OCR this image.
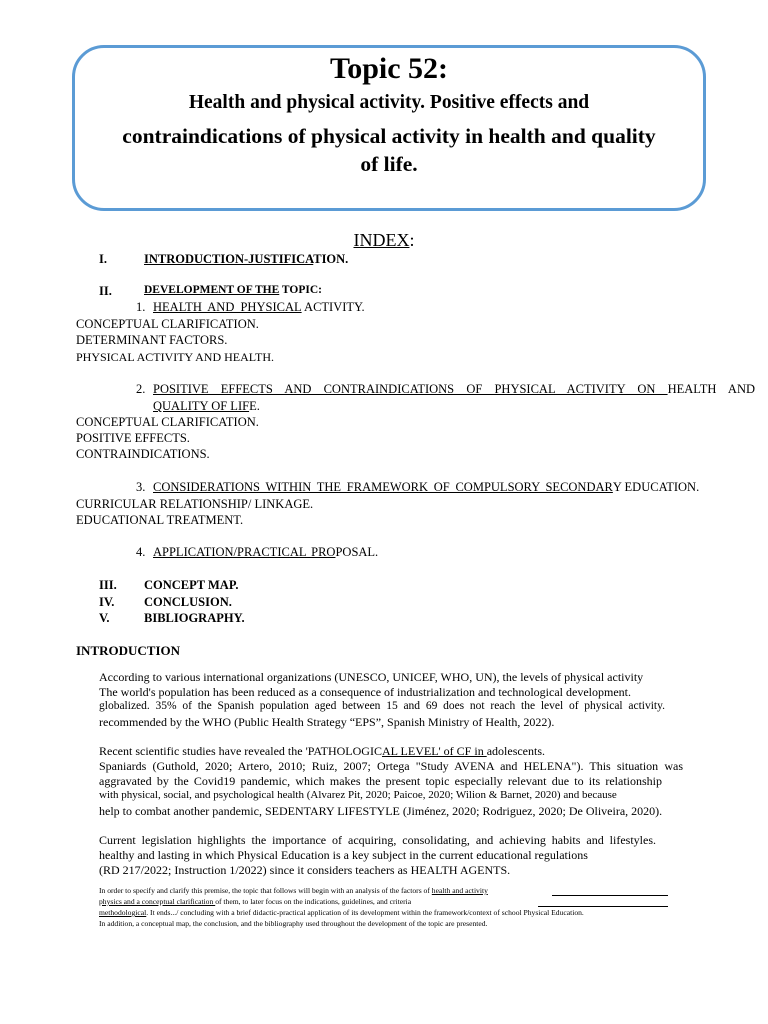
Topic 52:
Health and physical activity. Positive effects and
contraindications of physical activity in health and quality
of life.
INDEX:
I.	INTRODUCTION-JUSTIFICATION.
II.	DEVELOPMENT OF THE TOPIC:
1. HEALTH AND PHYSICAL ACTIVITY.
CONCEPTUAL CLARIFICATION.
DETERMINANT FACTORS.
PHYSICAL ACTIVITY AND HEALTH.
2. POSITIVE EFFECTS AND CONTRAINDICATIONS OF PHYSICAL ACTIVITY ON HEALTH AND
QUALITY OF LIFE.
CONCEPTUAL CLARIFICATION.
POSITIVE EFFECTS.
CONTRAINDICATIONS.
3. CONSIDERATIONS WITHIN THE FRAMEWORK OF COMPULSORY SECONDARY EDUCATION.
CURRICULAR RELATIONSHIP/ LINKAGE.
EDUCATIONAL TREATMENT.
4. APPLICATION/PRACTICAL PROPOSAL.
III. CONCEPT MAP.
IV. CONCLUSION.
V.	BIBLIOGRAPHY.
INTRODUCTION
According to various international organizations (UNESCO, UNICEF, WHO, UN), the levels of physical activity
The world's population has been reduced as a consequence of industrialization and technological development.
globalized. 35% of the Spanish population aged between 15 and 69 does not reach the level of physical activity.
recommended by the WHO (Public Health Strategy “EPS”, Spanish Ministry of Health, 2022).
Recent scientific studies have revealed the 'PATHOLOGICAL LEVEL' of CF in adolescents.
Spaniards (Guthold, 2020; Artero, 2010; Ruiz, 2007; Ortega "Study AVENA and HELENA"). This situation was
aggravated by the Covid19 pandemic, which makes the present topic especially relevant due to its relationship
with physical, social, and psychological health (Alvarez Pit, 2020; Paicoe, 2020; Wilion & Barnet, 2020) and because
help to combat another pandemic, SEDENTARY LIFESTYLE (Jiménez, 2020; Rodriguez, 2020; De Oliveira, 2020).
Current legislation highlights the importance of acquiring, consolidating, and achieving habits and lifestyles.
healthy and lasting in which Physical Education is a key subject in the current educational regulations
(RD 217/2022; Instruction 1/2022) since it considers teachers as HEALTH AGENTS.
In order to specify and clarify this premise, the topic that follows will begin with an analysis of the factors of health and activity
physics and a conceptual clarification of them, to later focus on the indications, guidelines, and criteria
methodological. It ends.../ concluding with a brief didactic-practical application of its development within the framework/context of school Physical Education.
In addition, a conceptual map, the conclusion, and the bibliography used throughout the development of the topic are presented.
